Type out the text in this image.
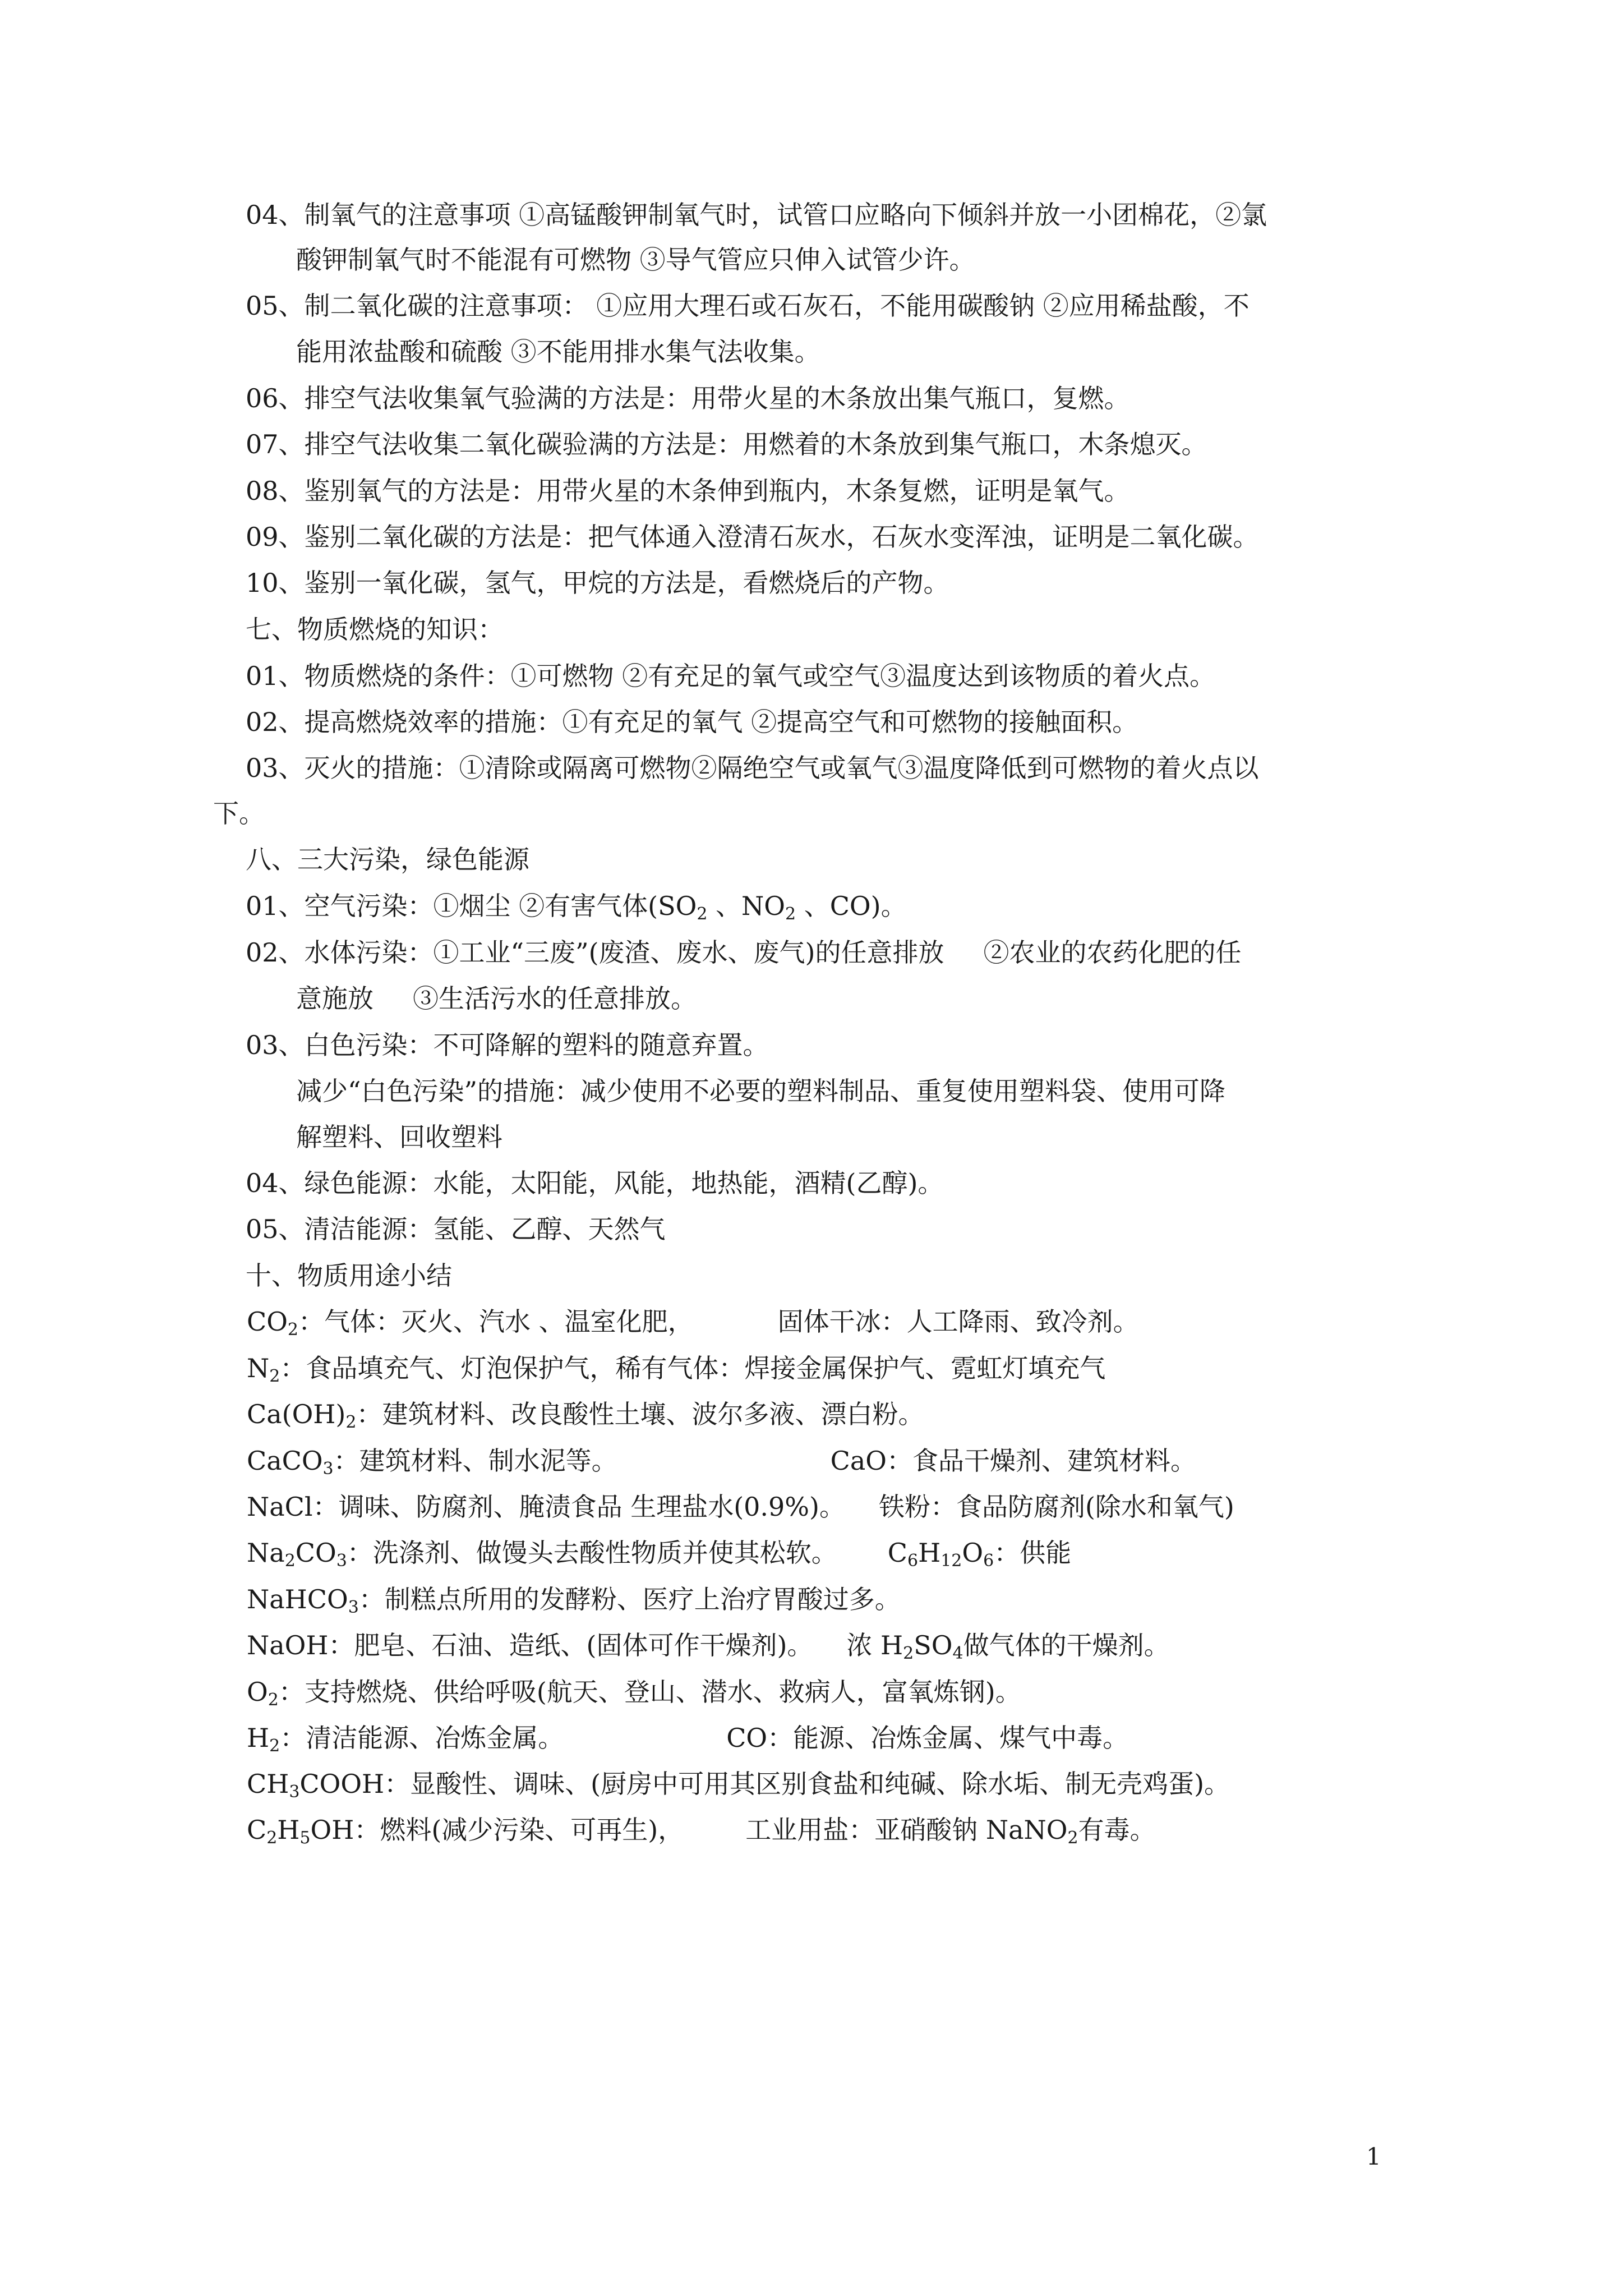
04、制氧气的注意事项 ①高锰酸钾制氧气时，试管口应略向下倾斜并放一小团棉花，②氯
酸钾制氧气时不能混有可燃物 ③导气管应只伸入试管少许。
05、制二氧化碳的注意事项： ①应用大理石或石灰石，不能用碳酸钠 ②应用稀盐酸，不
能用浓盐酸和硫酸 ③不能用排水集气法收集。
06、排空气法收集氧气验满的方法是：用带火星的木条放出集气瓶口，复燃。
07、排空气法收集二氧化碳验满的方法是：用燃着的木条放到集气瓶口，木条熄灭。
08、鉴别氧气的方法是：用带火星的木条伸到瓶内，木条复燃，证明是氧气。
09、鉴别二氧化碳的方法是：把气体通入澄清石灰水，石灰水变浑浊，证明是二氧化碳。
10、鉴别一氧化碳，氢气，甲烷的方法是，看燃烧后的产物。
七、物质燃烧的知识：
01、物质燃烧的条件：①可燃物 ②有充足的氧气或空气③温度达到该物质的着火点。
02、提高燃烧效率的措施：①有充足的氧气 ②提高空气和可燃物的接触面积。
03、灭火的措施：①清除或隔离可燃物②隔绝空气或氧气③温度降低到可燃物的着火点以
下。
八、三大污染，绿色能源
01、空气污染：①烟尘 ②有害气体($SO_2$ 、$NO_2$ 、CO)。
02、水体污染：①工业“三废”(废渣、废水、废气)的任意排放 ②农业的农药化肥的任
意施放 ③生活污水的任意排放。
03、白色污染：不可降解的塑料的随意弃置。
减少“白色污染”的措施：减少使用不必要的塑料制品、重复使用塑料袋、使用可降
解塑料、回收塑料
04、绿色能源：水能，太阳能，风能，地热能，酒精(乙醇)。
05、清洁能源：氢能、乙醇、天然气
十、物质用途小结
$CO_2$：气体：灭火、汽水 、温室化肥，	固体干冰：人工降雨、致冷剂。
$N_2$：食品填充气、灯泡保护气，稀有气体：焊接金属保护气、霓虹灯填充气
$Ca(OH)_2$：建筑材料、改良酸性土壤、波尔多液、漂白粉。
CaCO$_3$：建筑材料、制水泥等。	CaO：食品干燥剂、建筑材料。
NaCl：调味、防腐剂、腌渍食品 生理盐水(0.9%)。 铁粉：食品防腐剂(除水和氧气)
$Na_2CO_3$：洗涤剂、做馒头去酸性物质并使其松软。 $C_6H_{12}O_6$：供能
NaHCO$_3$：制糕点所用的发酵粉、医疗上治疗胃酸过多。
NaOH：肥皂、石油、造纸、(固体可作干燥剂)。 浓 $H_2SO_4$做气体的干燥剂。
$O_2$：支持燃烧、供给呼吸(航天、登山、潜水、救病人，富氧炼钢)。
$H_2$：清洁能源、冶炼金属。	CO：能源、冶炼金属、煤气中毒。
$CH_3COOH$：显酸性、调味、(厨房中可用其区别食盐和纯碱、除水垢、制无壳鸡蛋)。
$C_2H_5OH$：燃料(减少污染、可再生)， 工业用盐：亚硝酸钠 NaNO$_2$有毒。
1
